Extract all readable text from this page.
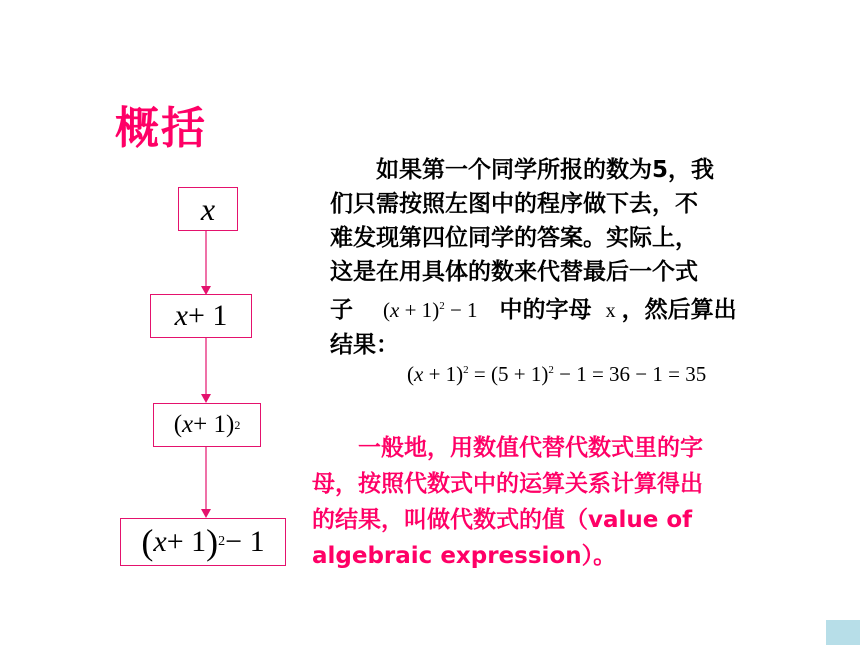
概括
x
x + 1
( x + 1 ) 2
( x + 1 ) 2 − 1
如果第一个同学所报的数为5，我
们只需按照左图中的程序做下去，不
难发现第四位同学的答案。实际上，
这是在用具体的数来代替最后一个式
子 $(x + 1)^2 - 1$ 中的字母 x ，然后算出
结果：
$(x + 1)^2 = (5 + 1)^2 - 1 = 36 - 1 = 35$
一般地，用数值代替代数式里的字
母，按照代数式中的运算关系计算得出
的结果，叫做代数式的值（value of
algebraic expression）。
